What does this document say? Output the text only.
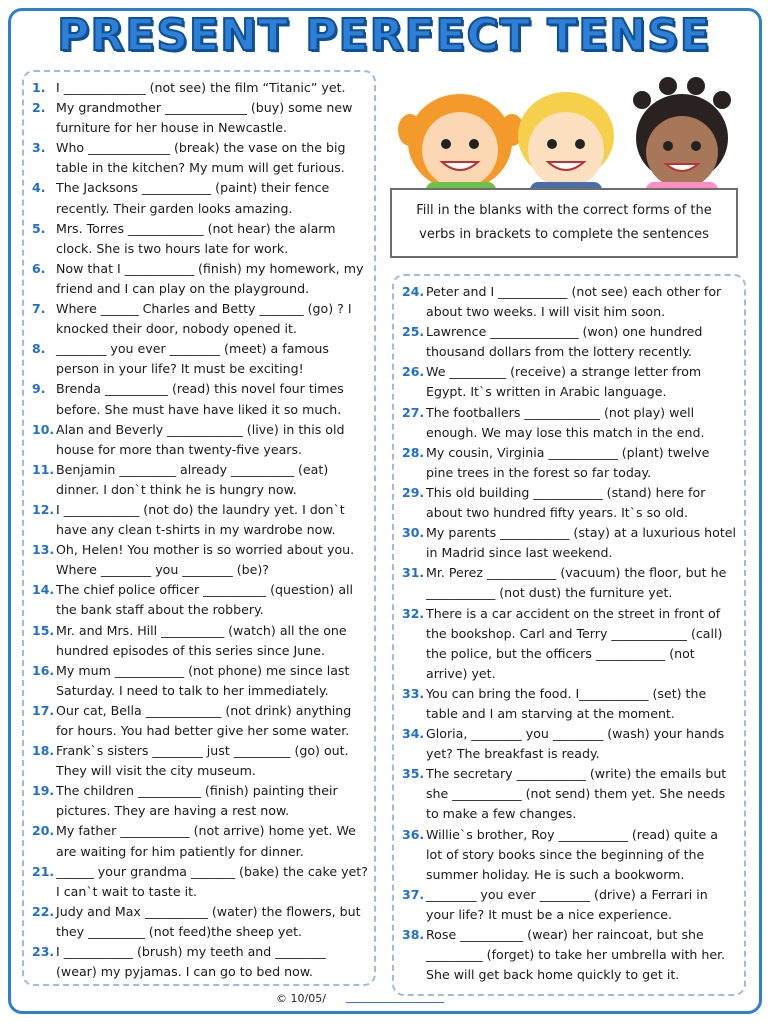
PRESENT PERFECT TENSE
1. I _____________ (not see) the film “Titanic” yet.
2. My grandmother _____________ (buy) some new furniture for her house in Newcastle.
3. Who _____________ (break) the vase on the big table in the kitchen? My mum will get furious.
4. The Jacksons ___________ (paint) their fence recently. Their garden looks amazing.
5. Mrs. Torres ____________ (not hear) the alarm clock. She is two hours late for work.
6. Now that I ___________ (finish) my homework, my friend and I can play on the playground.
7. Where ______ Charles and Betty _______ (go) ? I knocked their door, nobody opened it.
8. ________ you ever ________ (meet) a famous person in your life? It must be exciting!
9. Brenda __________ (read) this novel four times before. She must have have liked it so much.
10. Alan and Beverly ____________ (live) in this old house for more than twenty-five years.
11. Benjamin _________ already __________ (eat) dinner. I don`t think he is hungry now.
12. I ____________ (not do) the laundry yet. I don`t have any clean t-shirts in my wardrobe now.
13. Oh, Helen! You mother is so worried about you. Where ________ you ________ (be)?
14. The chief police officer __________ (question) all the bank staff about the robbery.
15. Mr. and Mrs. Hill __________ (watch) all the one hundred episodes of this series since June.
16. My mum ___________ (not phone) me since last Saturday. I need to talk to her immediately.
17. Our cat, Bella ____________ (not drink) anything for hours. You had better give her some water.
18. Frank`s sisters ________ just _________ (go) out. They will visit the city museum.
19. The children __________ (finish) painting their pictures. They are having a rest now.
20. My father ___________ (not arrive) home yet. We are waiting for him patiently for dinner.
21. ______ your grandma _______ (bake) the cake yet? I can`t wait to taste it.
22. Judy and Max __________ (water) the flowers, but they _________ (not feed)the sheep yet.
23. I ___________ (brush) my teeth and ________ (wear) my pyjamas. I can go to bed now.
Fill in the blanks with the correct forms of the verbs in brackets to complete the sentences
24. Peter and I ___________ (not see) each other for about two weeks. I will visit him soon.
25. Lawrence ______________ (won) one hundred thousand dollars from the lottery recently.
26. We _________ (receive) a strange letter from Egypt. It`s written in Arabic language.
27. The footballers ____________ (not play) well enough. We may lose this match in the end.
28. My cousin, Virginia ___________ (plant) twelve pine trees in the forest so far today.
29. This old building ___________ (stand) here for about two hundred fifty years. It`s so old.
30. My parents ___________ (stay) at a luxurious hotel in Madrid since last weekend.
31. Mr. Perez ___________ (vacuum) the floor, but he ___________ (not dust) the furniture yet.
32. There is a car accident on the street in front of the bookshop. Carl and Terry ____________ (call) the police, but the officers ___________ (not arrive) yet.
33. You can bring the food. I___________ (set) the table and I am starving at the moment.
34. Gloria, ________ you ________ (wash) your hands yet? The breakfast is ready.
35. The secretary ___________ (write) the emails but she ___________ (not send) them yet. She needs to make a few changes.
36. Willie`s brother, Roy ___________ (read) quite a lot of story books since the beginning of the summer holiday. He is such a bookworm.
37. ________ you ever ________ (drive) a Ferrari in your life? It must be a nice experience.
38. Rose __________ (wear) her raincoat, but she _________ (forget) to take her umbrella with her. She will get back home quickly to get it.
© 10/05/
